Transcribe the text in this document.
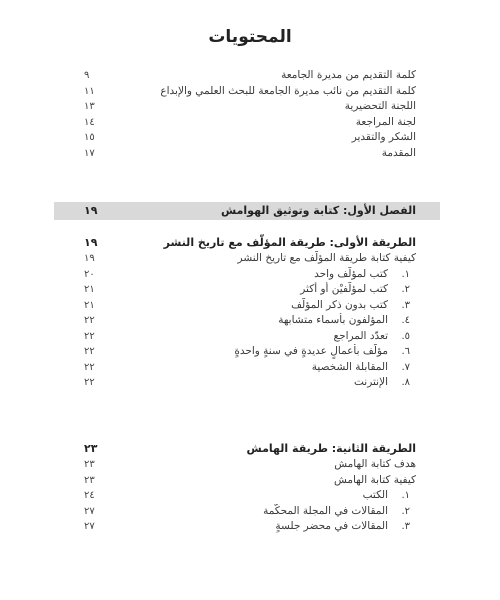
المحتويات
كلمة التقديم من مديرة الجامعة
٩
كلمة التقديم من نائب مديرة الجامعة للبحث العلمي والإبداع
١١
اللجنة التحضيرية
١٣
لجنة المراجعة
١٤
الشكر والتقدير
١٥
المقدمة
١٧
الفصل الأول: كتابة وتوثيق الهوامش
١٩
الطريقة الأولى: طريقة المؤلّف مع تاريخ النشر
١٩
كيفية كتابة طريقة المؤلّف مع تاريخ النشر
١٩
١.
كتب لمؤلّف واحد
٢٠
٢.
كتب لمؤلّفيْن أو أكثر
٢١
٣.
كتب بدون ذكر المؤلّف
٢١
٤.
المؤلفون بأسماء متشابهة
٢٢
٥.
تعدّد المراجع
٢٢
٦.
مؤلّف بأعمالٍ عديدةٍ في سنةٍ واحدةٍ
٢٢
٧.
المقابلة الشخصية
٢٢
٨.
الإنترنت
٢٢
الطريقة الثانية: طريقة الهامش
٢٣
هدف كتابة الهامش
٢٣
كيفية كتابة الهامش
٢٣
١.
الكتب
٢٤
٢.
المقالات في المجلة المحكّمة
٢٧
٣.
المقالات في محضر جلسةٍ
٢٧
